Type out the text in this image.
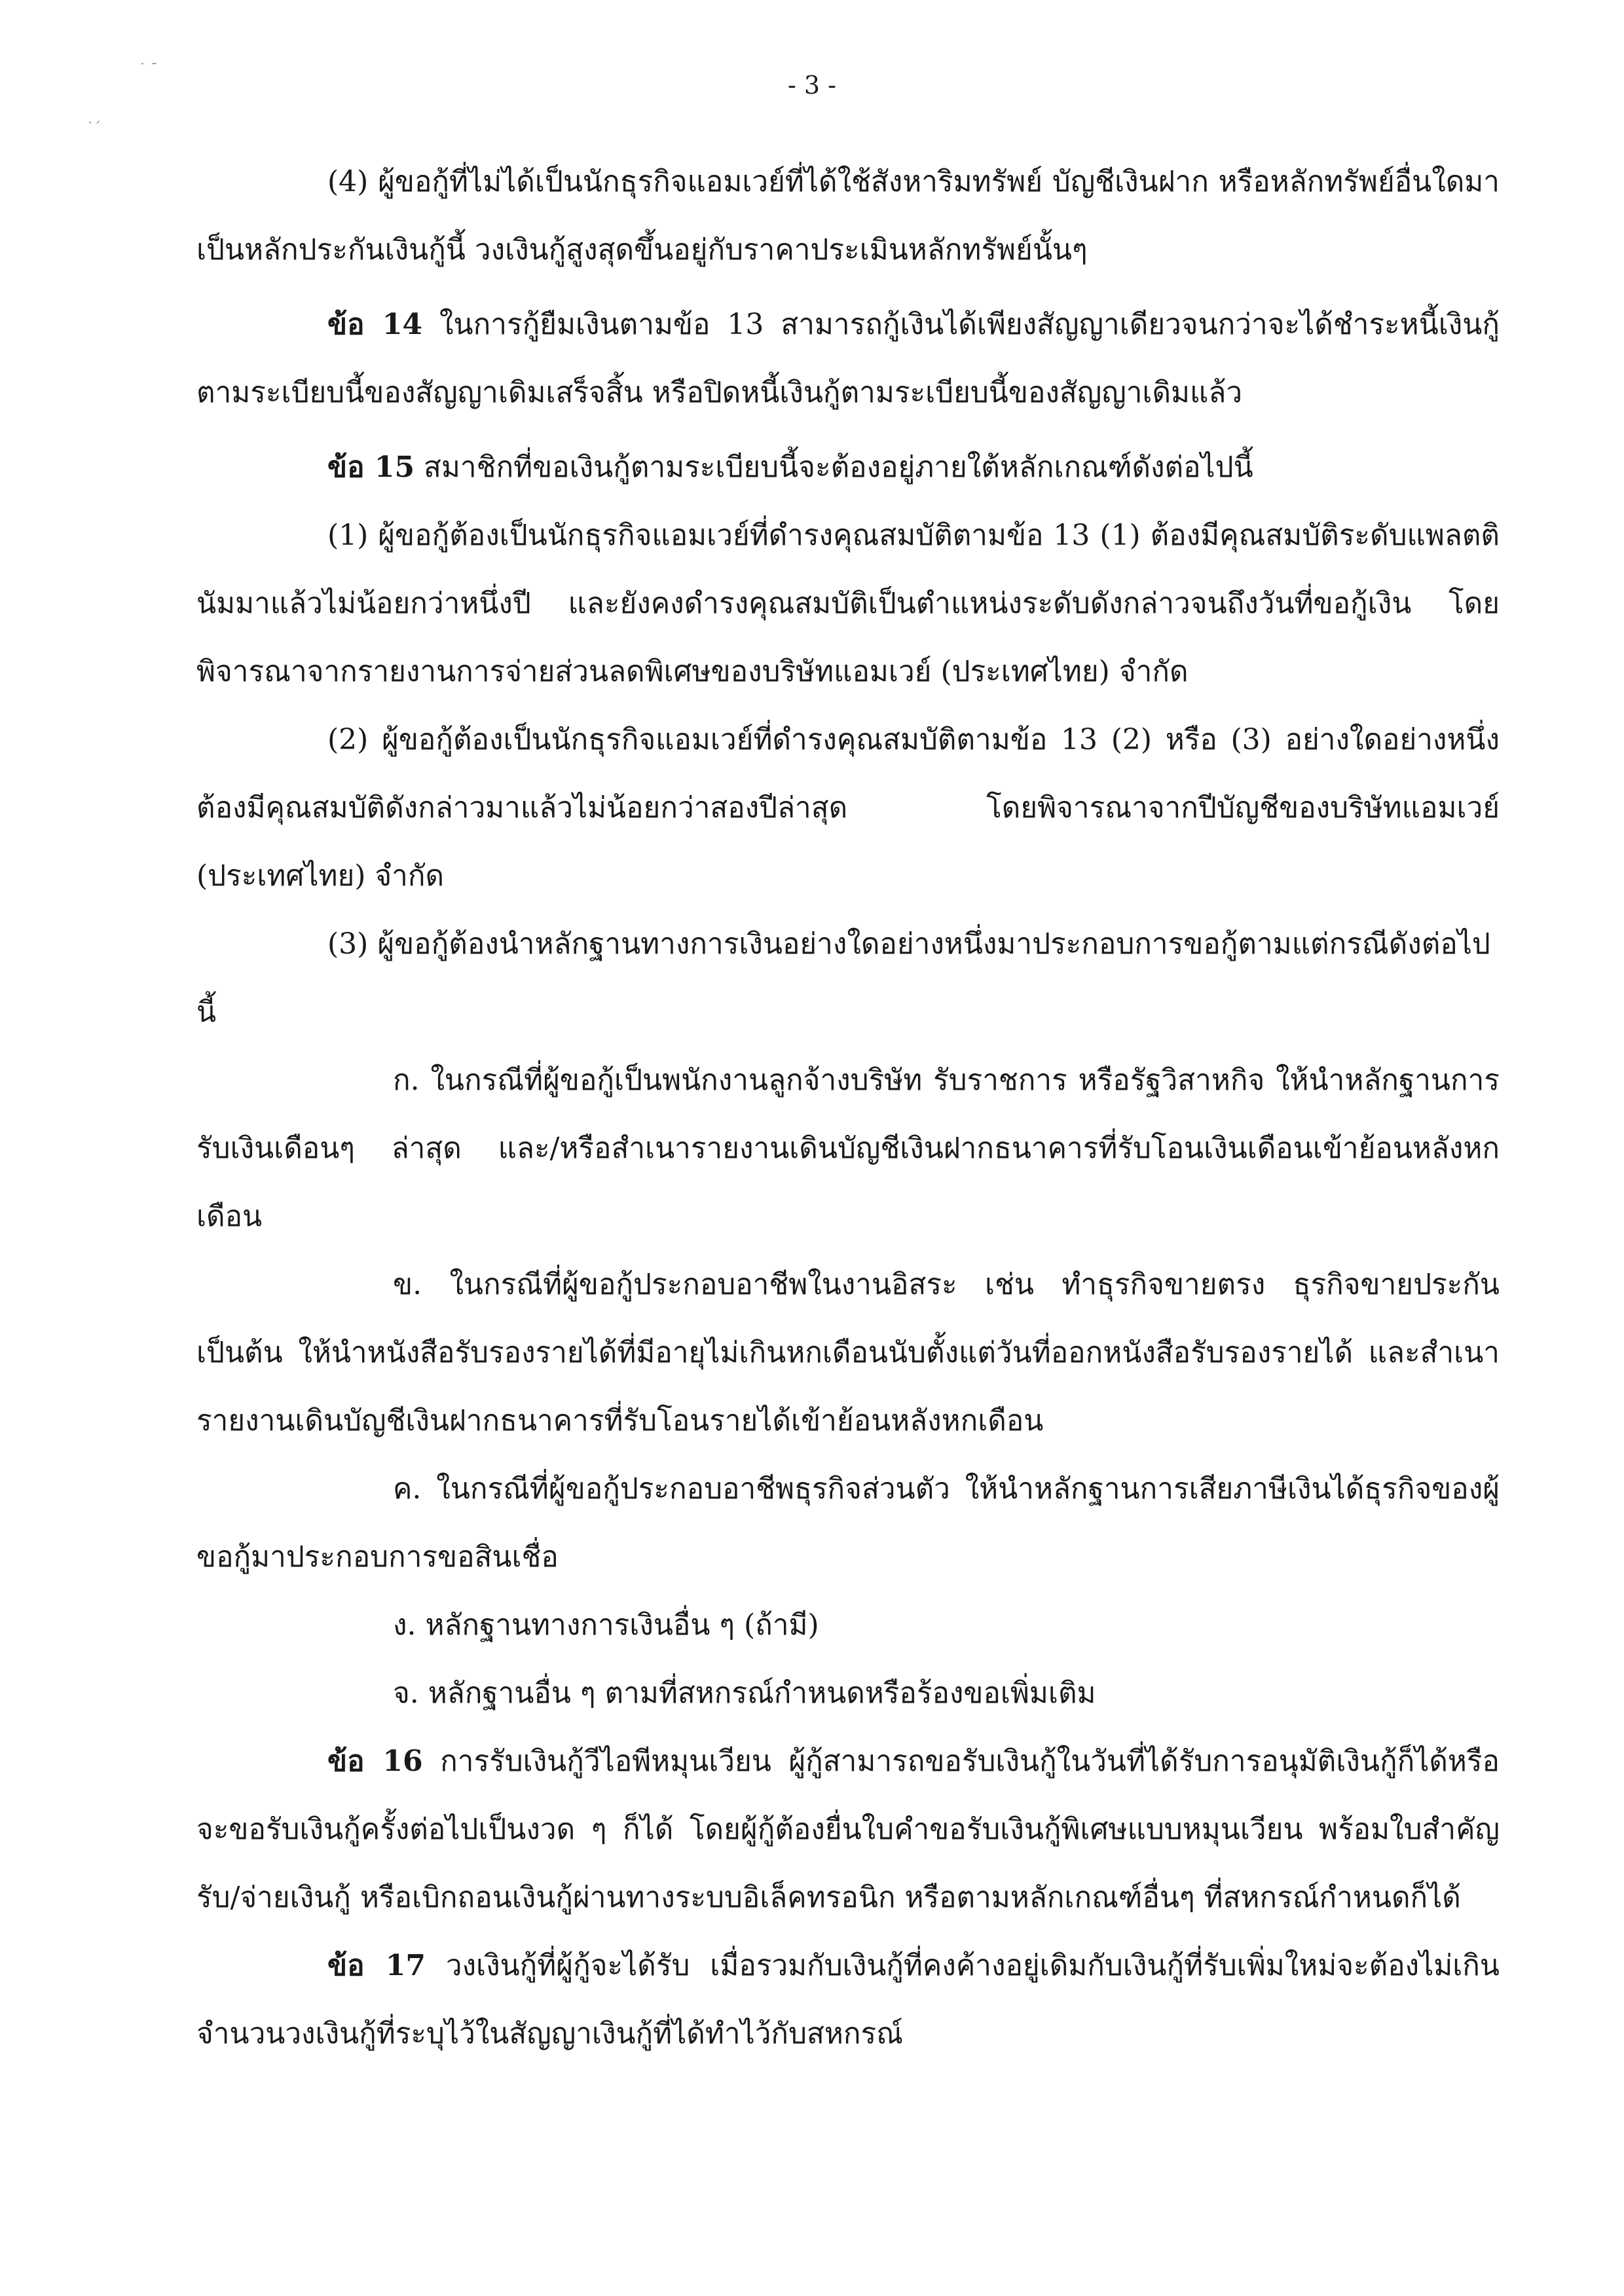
˙ ˉ
˙ˊ
- 3 -

(4) ผู้ขอกู้ที่ไม่ได้เป็นนักธุรกิจแอมเวย์ที่ได้ใช้สังหาริมทรัพย์ บัญชีเงินฝาก หรือหลักทรัพย์อื่นใดมาเป็นหลักประกันเงินกู้นี้ วงเงินกู้สูงสุดขึ้นอยู่กับราคาประเมินหลักทรัพย์นั้นๆ

ข้อ 14 ในการกู้ยืมเงินตามข้อ 13 สามารถกู้เงินได้เพียงสัญญาเดียวจนกว่าจะได้ชำระหนี้เงินกู้ตามระเบียบนี้ของสัญญาเดิมเสร็จสิ้น หรือปิดหนี้เงินกู้ตามระเบียบนี้ของสัญญาเดิมแล้ว

ข้อ 15 สมาชิกที่ขอเงินกู้ตามระเบียบนี้จะต้องอยู่ภายใต้หลักเกณฑ์ดังต่อไปนี้

(1) ผู้ขอกู้ต้องเป็นนักธุรกิจแอมเวย์ที่ดำรงคุณสมบัติตามข้อ 13 (1) ต้องมีคุณสมบัติระดับแพลตตินัมมาแล้วไม่น้อยกว่าหนึ่งปี และยังคงดำรงคุณสมบัติเป็นตำแหน่งระดับดังกล่าวจนถึงวันที่ขอกู้เงิน โดยพิจารณาจากรายงานการจ่ายส่วนลดพิเศษของบริษัทแอมเวย์ (ประเทศไทย) จำกัด

(2) ผู้ขอกู้ต้องเป็นนักธุรกิจแอมเวย์ที่ดำรงคุณสมบัติตามข้อ 13 (2) หรือ (3) อย่างใดอย่างหนึ่งต้องมีคุณสมบัติดังกล่าวมาแล้วไม่น้อยกว่าสองปีล่าสุด โดยพิจารณาจากปีบัญชีของบริษัทแอมเวย์ (ประเทศไทย) จำกัด

(3) ผู้ขอกู้ต้องนำหลักฐานทางการเงินอย่างใดอย่างหนึ่งมาประกอบการขอกู้ตามแต่กรณีดังต่อไปนี้

ก. ในกรณีที่ผู้ขอกู้เป็นพนักงานลูกจ้างบริษัท รับราชการ หรือรัฐวิสาหกิจ ให้นำหลักฐานการรับเงินเดือนๆ ล่าสุด และ/หรือสำเนารายงานเดินบัญชีเงินฝากธนาคารที่รับโอนเงินเดือนเข้าย้อนหลังหกเดือน

ข. ในกรณีที่ผู้ขอกู้ประกอบอาชีพในงานอิสระ เช่น ทำธุรกิจขายตรง ธุรกิจขายประกัน เป็นต้น ให้นำหนังสือรับรองรายได้ที่มีอายุไม่เกินหกเดือนนับตั้งแต่วันที่ออกหนังสือรับรองรายได้ และสำเนารายงานเดินบัญชีเงินฝากธนาคารที่รับโอนรายได้เข้าย้อนหลังหกเดือน

ค. ในกรณีที่ผู้ขอกู้ประกอบอาชีพธุรกิจส่วนตัว ให้นำหลักฐานการเสียภาษีเงินได้ธุรกิจของผู้ขอกู้มาประกอบการขอสินเชื่อ

ง. หลักฐานทางการเงินอื่น ๆ (ถ้ามี)

จ. หลักฐานอื่น ๆ ตามที่สหกรณ์กำหนดหรือร้องขอเพิ่มเติม

ข้อ 16 การรับเงินกู้วีไอพีหมุนเวียน ผู้กู้สามารถขอรับเงินกู้ในวันที่ได้รับการอนุมัติเงินกู้ก็ได้หรือจะขอรับเงินกู้ครั้งต่อไปเป็นงวด ๆ ก็ได้ โดยผู้กู้ต้องยื่นใบคำขอรับเงินกู้พิเศษแบบหมุนเวียน พร้อมใบสำคัญรับ/จ่ายเงินกู้ หรือเบิกถอนเงินกู้ผ่านทางระบบอิเล็คทรอนิก หรือตามหลักเกณฑ์อื่นๆ ที่สหกรณ์กำหนดก็ได้

ข้อ 17 วงเงินกู้ที่ผู้กู้จะได้รับ เมื่อรวมกับเงินกู้ที่คงค้างอยู่เดิมกับเงินกู้ที่รับเพิ่มใหม่จะต้องไม่เกินจำนวนวงเงินกู้ที่ระบุไว้ในสัญญาเงินกู้ที่ได้ทำไว้กับสหกรณ์
